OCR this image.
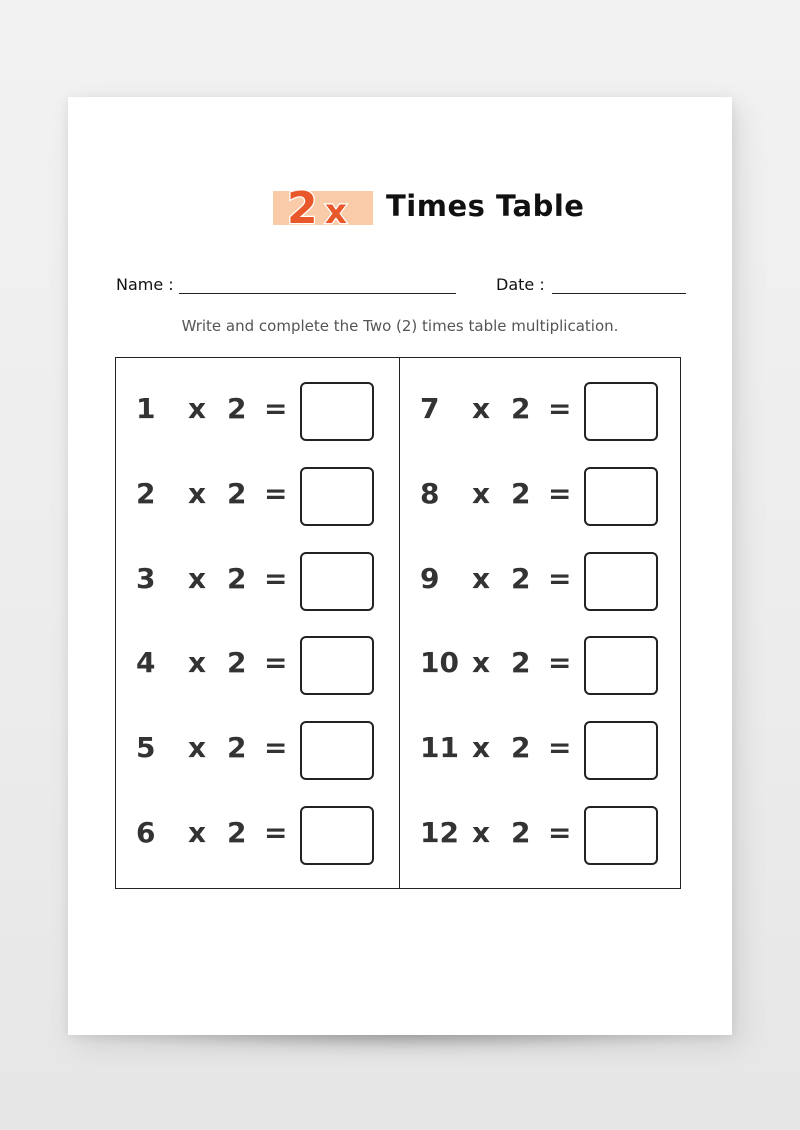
2 x Times Table
Name :	Date :
Write and complete the Two (2) times table multiplication.
1	x 2 =
2	x 2 =
3	x 2 =
4	x 2 =
5	x 2 =
6	x 2 =
7	x 2 =
8	x 2 =
9	x 2 =
10 x 2 =
11 x 2 =
12 x 2 =
